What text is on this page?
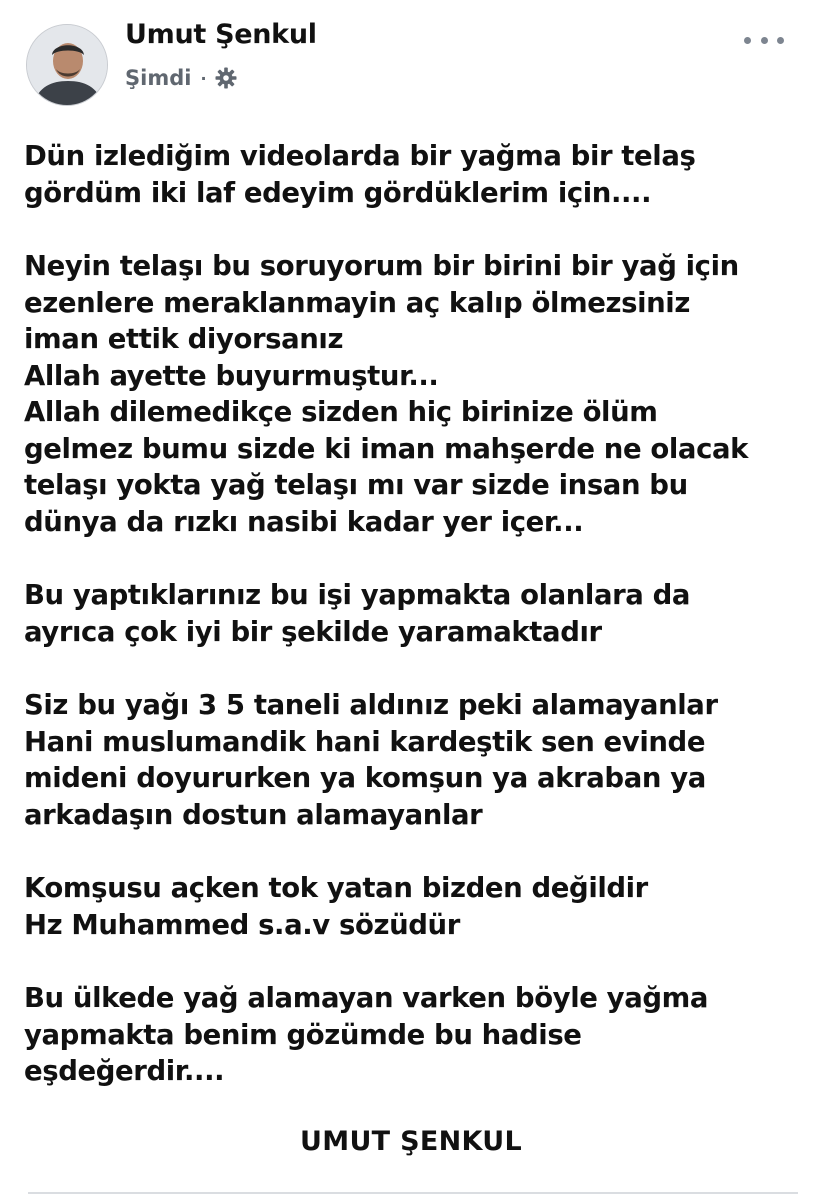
Umut Şenkul
Şimdi ·
Dün izlediğim videolarda bir yağma bir telaş
gördüm iki laf edeyim gördüklerim için....
Neyin telaşı bu soruyorum bir birini bir yağ için
ezenlere meraklanmayin aç kalıp ölmezsiniz
iman ettik diyorsanız
Allah ayette buyurmuştur...
Allah dilemedikçe sizden hiç birinize ölüm
gelmez bumu sizde ki iman mahşerde ne olacak
telaşı yokta yağ telaşı mı var sizde insan bu
dünya da rızkı nasibi kadar yer içer...
Bu yaptıklarınız bu işi yapmakta olanlara da
ayrıca çok iyi bir şekilde yaramaktadır
Siz bu yağı 3 5 taneli aldınız peki alamayanlar
Hani muslumandik hani kardeştik sen evinde
mideni doyururken ya komşun ya akraban ya
arkadaşın dostun alamayanlar
Komşusu açken tok yatan bizden değildir
Hz Muhammed s.a.v sözüdür
Bu ülkede yağ alamayan varken böyle yağma
yapmakta benim gözümde bu hadise
eşdeğerdir....
UMUT ŞENKUL
